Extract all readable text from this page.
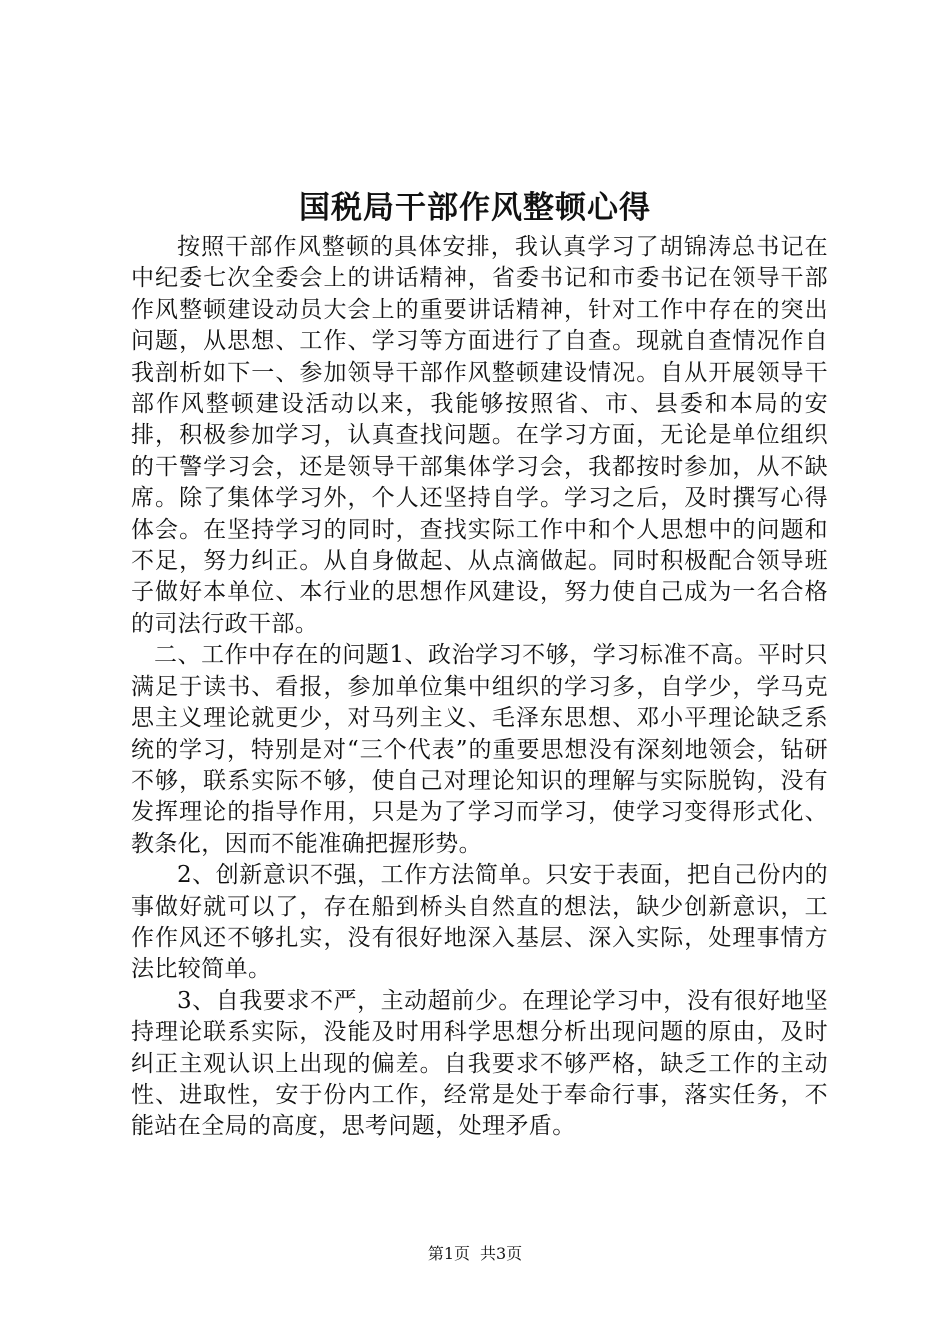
国税局干部作风整顿心得

按照干部作风整顿的具体安排，我认真学习了胡锦涛总书记在中纪委七次全委会上的讲话精神，省委书记和市委书记在领导干部作风整顿建设动员大会上的重要讲话精神，针对工作中存在的突出问题，从思想、工作、学习等方面进行了自查。现就自查情况作自我剖析如下一、参加领导干部作风整顿建设情况。自从开展领导干部作风整顿建设活动以来，我能够按照省、市、县委和本局的安排，积极参加学习，认真查找问题。在学习方面，无论是单位组织的干警学习会，还是领导干部集体学习会，我都按时参加，从不缺席。除了集体学习外，个人还坚持自学。学习之后，及时撰写心得体会。在坚持学习的同时，查找实际工作中和个人思想中的问题和不足，努力纠正。从自身做起、从点滴做起。同时积极配合领导班子做好本单位、本行业的思想作风建设，努力使自己成为一名合格的司法行政干部。

二、工作中存在的问题1、政治学习不够，学习标准不高。平时只满足于读书、看报，参加单位集中组织的学习多，自学少，学马克思主义理论就更少，对马列主义、毛泽东思想、邓小平理论缺乏系统的学习，特别是对“三个代表”的重要思想没有深刻地领会，钻研不够，联系实际不够，使自己对理论知识的理解与实际脱钩，没有发挥理论的指导作用，只是为了学习而学习，使学习变得形式化、教条化，因而不能准确把握形势。

2、创新意识不强，工作方法简单。只安于表面，把自己份内的事做好就可以了，存在船到桥头自然直的想法，缺少创新意识，工作作风还不够扎实，没有很好地深入基层、深入实际，处理事情方法比较简单。

3、自我要求不严，主动超前少。在理论学习中，没有很好地坚持理论联系实际，没能及时用科学思想分析出现问题的原由，及时纠正主观认识上出现的偏差。自我要求不够严格，缺乏工作的主动性、进取性，安于份内工作，经常是处于奉命行事，落实任务，不能站在全局的高度，思考问题，处理矛盾。

第1页 共3页
